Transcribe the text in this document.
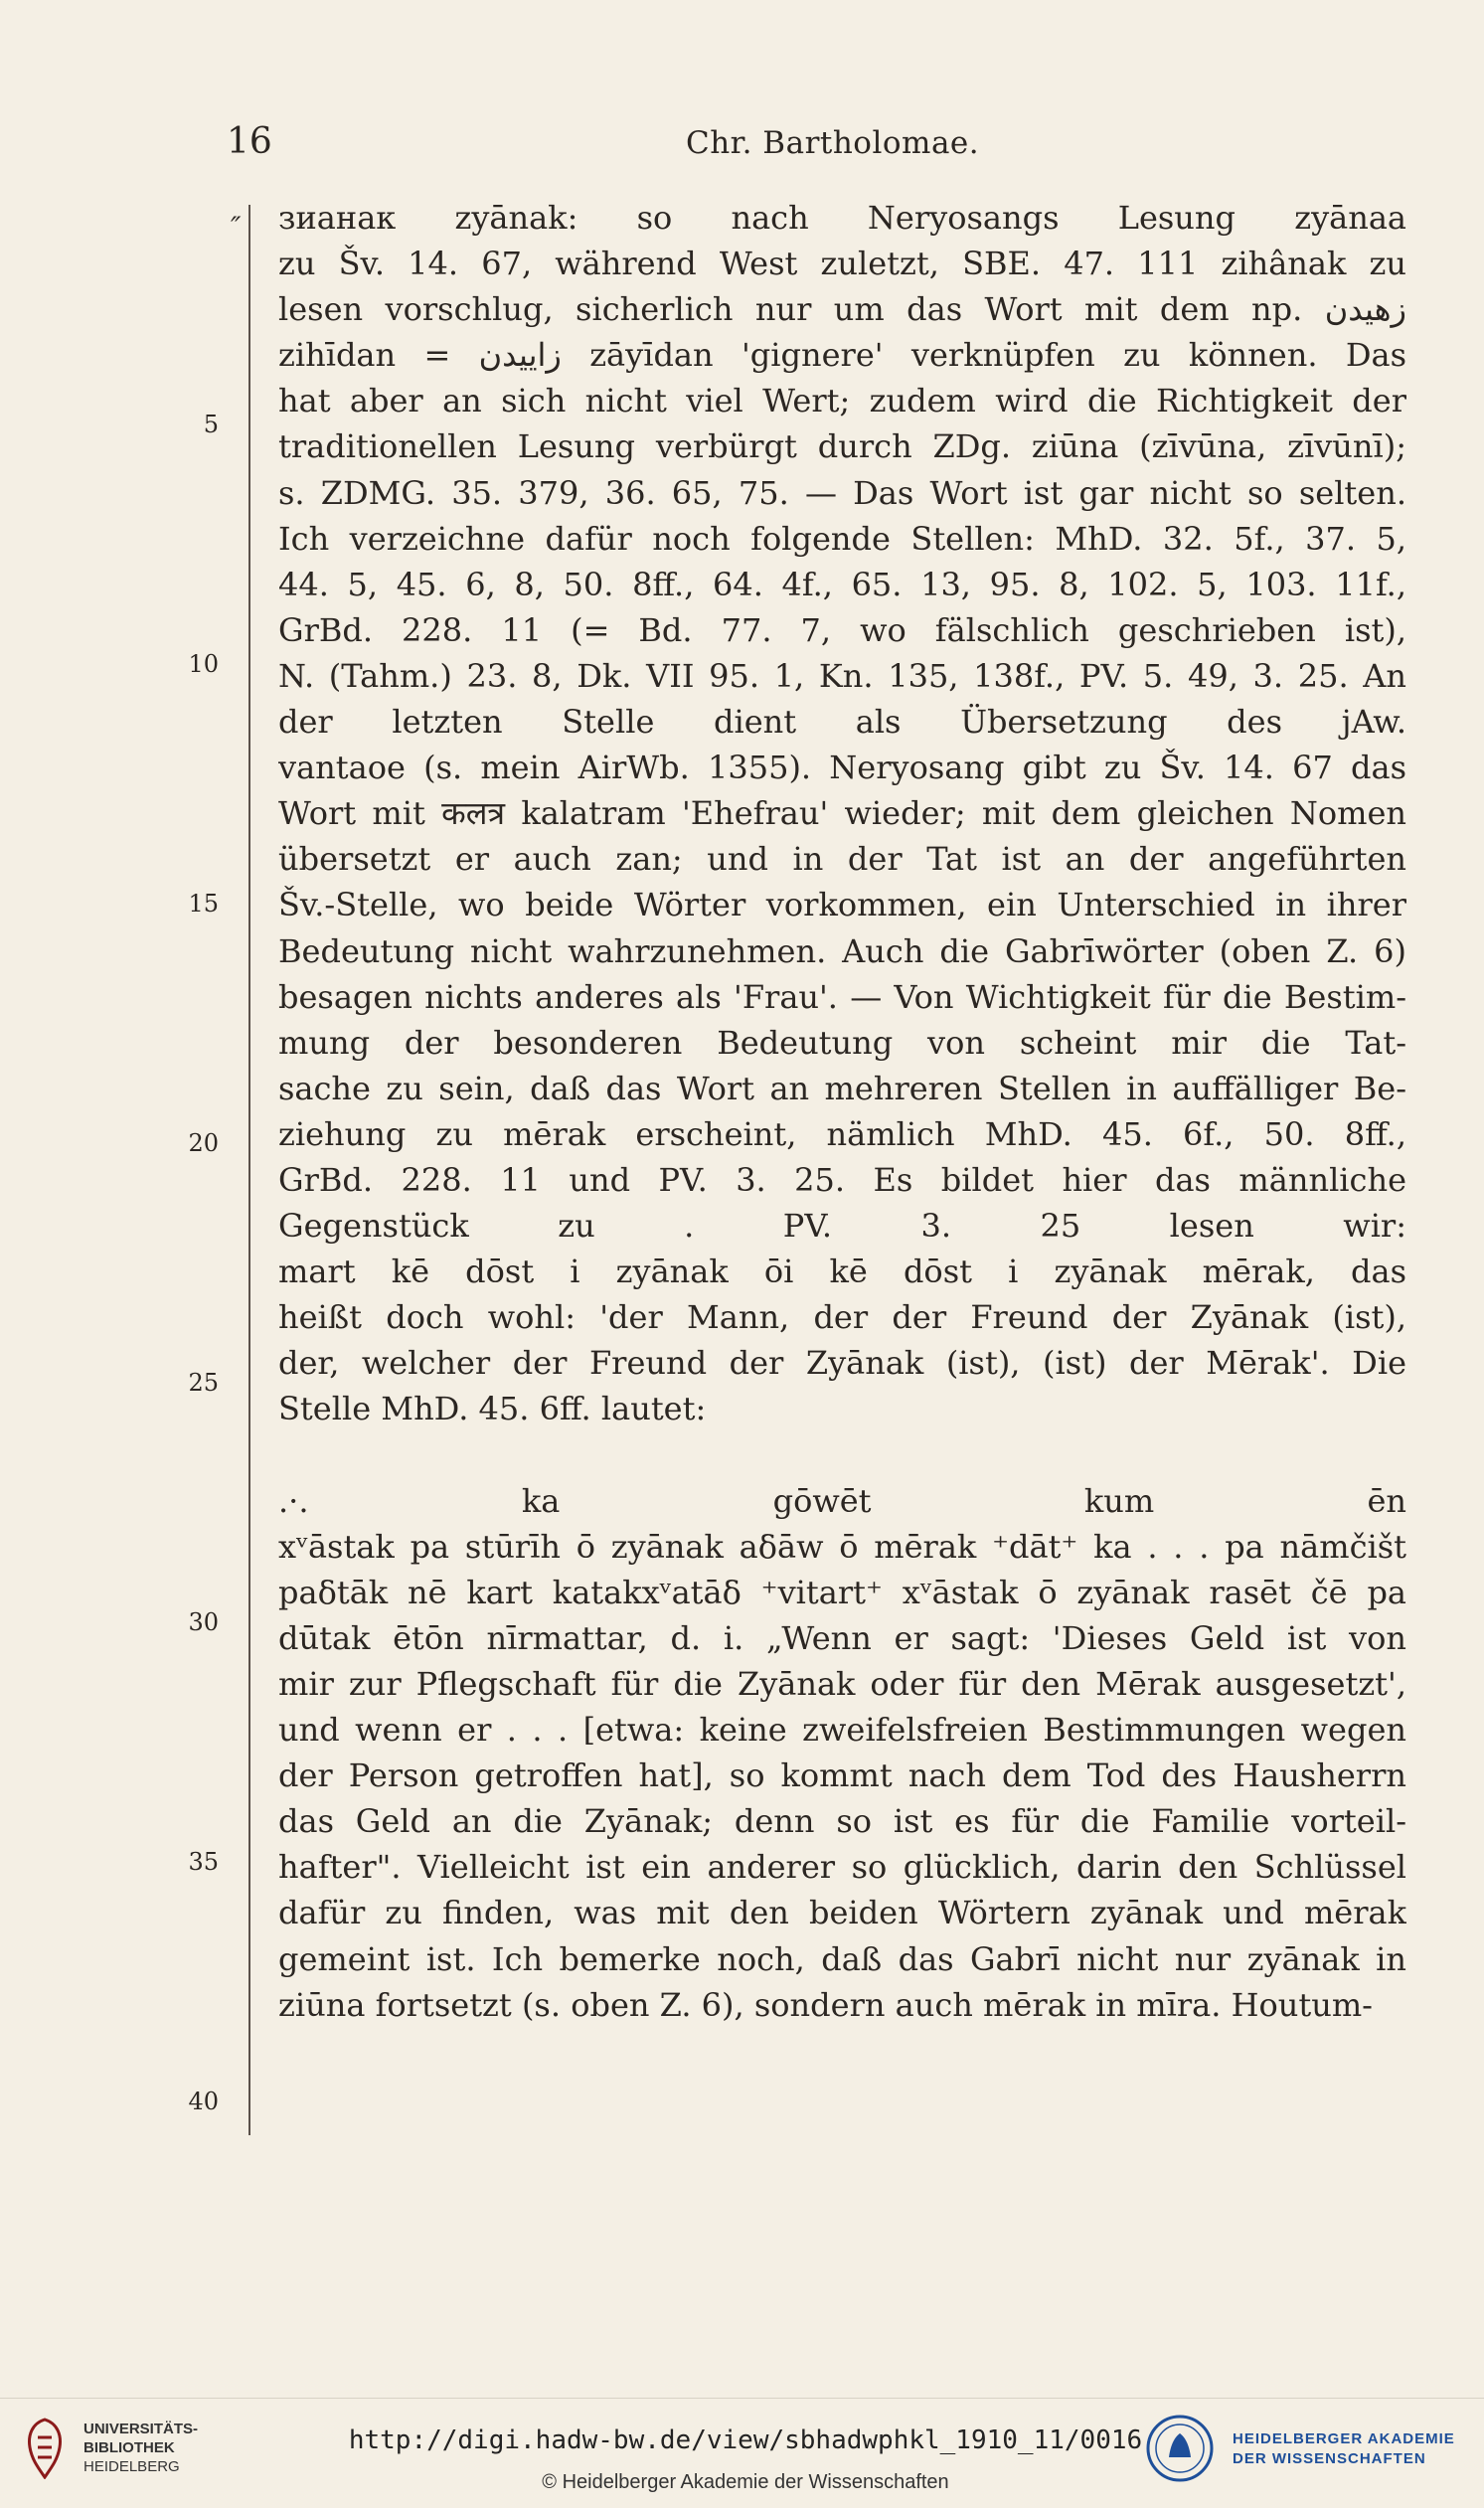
16	Chr. Bartholomae.
″
5
10
15
20
25
30
35
40
зианак zyānak: so nach Neryosangs Lesung zyānaa
zu Šv. 14. 67, während West zuletzt, SBE. 47. 111 zihânak zu
lesen vorschlug, sicherlich nur um das Wort mit dem np. زهیدن
zihīdan = زاییدن zāyīdan 'gignere' verknüpfen zu können. Das
hat aber an sich nicht viel Wert; zudem wird die Richtigkeit der
traditionellen Lesung verbürgt durch ZDg. ziūna (zīvūna, zīvūnī);
s. ZDMG. 35. 379, 36. 65, 75. — Das Wort ist gar nicht so selten.
Ich verzeichne dafür noch folgende Stellen: MhD. 32. 5f., 37. 5,
44. 5, 45. 6, 8, 50. 8ff., 64. 4f., 65. 13, 95. 8, 102. 5, 103. 11f.,
GrBd. 228. 11 (= Bd. 77. 7, wo fälschlich geschrieben ist),
N. (Tahm.) 23. 8, Dk. VII 95. 1, Kn. 135, 138f., PV. 5. 49, 3. 25. An
der letzten Stelle dient als Übersetzung des jAw.
vantaoe (s. mein AirWb. 1355). Neryosang gibt zu Šv. 14. 67 das
Wort mit कलत्र kalatram 'Ehefrau' wieder; mit dem gleichen Nomen
übersetzt er auch zan; und in der Tat ist an der angeführten
Šv.-Stelle, wo beide Wörter vorkommen, ein Unterschied in ihrer
Bedeutung nicht wahrzunehmen. Auch die Gabrīwörter (oben Z. 6)
besagen nichts anderes als 'Frau'. — Von Wichtigkeit für die Bestim-
mung der besonderen Bedeutung von scheint mir die Tat-
sache zu sein, daß das Wort an mehreren Stellen in auffälliger Be-
ziehung zu mērak erscheint, nämlich MhD. 45. 6f., 50. 8ff.,
GrBd. 228. 11 und PV. 3. 25. Es bildet hier das männliche
Gegenstück zu . PV. 3. 25 lesen wir:
mart kē dōst i zyānak ōi kē dōst i zyānak mērak, das
heißt doch wohl: 'der Mann, der der Freund der Zyānak (ist),
der, welcher der Freund der Zyānak (ist), (ist) der Mērak'. Die
Stelle MhD. 45. 6ff. lautet:
.·. ka gōwēt kum ēn
xᵛāstak pa stūrīh ō zyānak aδāw ō mērak ⁺dāt⁺ ka . . . pa nāmčišt
paδtāk nē kart katakxᵛatāδ ⁺vitart⁺ xᵛāstak ō zyānak rasēt čē pa
dūtak ētōn nīrmattar, d. i. „Wenn er sagt: 'Dieses Geld ist von
mir zur Pflegschaft für die Zyānak oder für den Mērak ausgesetzt',
und wenn er . . . [etwa: keine zweifelsfreien Bestimmungen wegen
der Person getroffen hat], so kommt nach dem Tod des Hausherrn
das Geld an die Zyānak; denn so ist es für die Familie vorteil-
hafter". Vielleicht ist ein anderer so glücklich, darin den Schlüssel
dafür zu finden, was mit den beiden Wörtern zyānak und mērak
gemeint ist. Ich bemerke noch, daß das Gabrī nicht nur zyānak in
ziūna fortsetzt (s. oben Z. 6), sondern auch mērak in mīra. Houtum-
UNIVERSITÄTS-
BIBLIOTHEK
HEIDELBERG
http://digi.hadw-bw.de/view/sbhadwphkl_1910_11/0016
© Heidelberger Akademie der Wissenschaften
HEIDELBERGER AKADEMIE
DER WISSENSCHAFTEN
